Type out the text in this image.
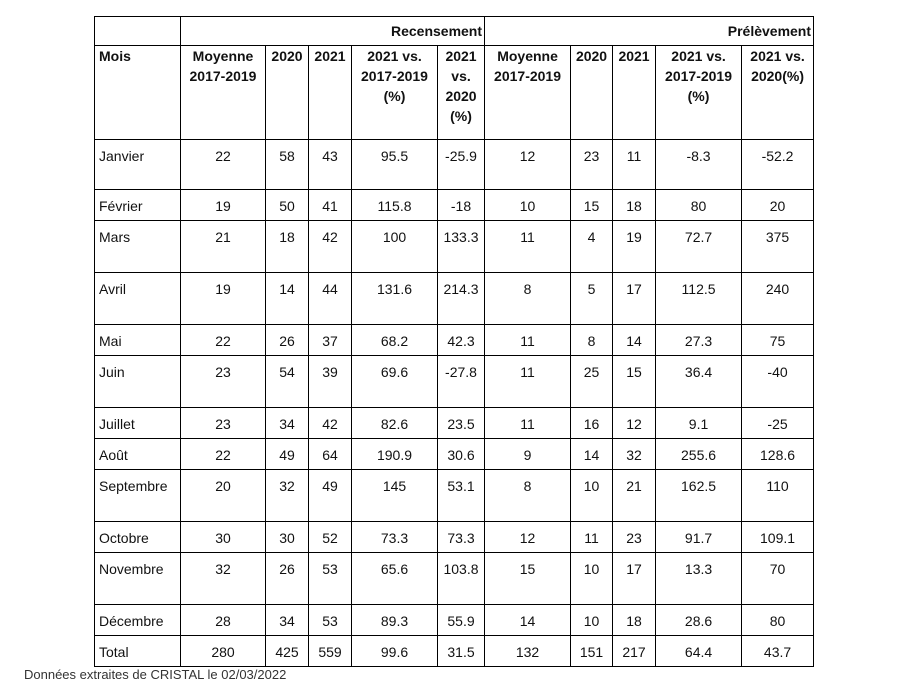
	Recensement					Prélèvement				
Mois	Moyenne 2017-2019	2020	2021	2021 vs. 2017-2019 (%)	2021 vs. 2020 (%)	Moyenne 2017-2019	2020	2021	2021 vs. 2017-2019 (%)	2021 vs. 2020(%)
Janvier	22	58	43	95.5	-25.9	12	23	11	-8.3	-52.2
Février	19	50	41	115.8	-18	10	15	18	80	20
Mars	21	18	42	100	133.3	11	4	19	72.7	375
Avril	19	14	44	131.6	214.3	8	5	17	112.5	240
Mai	22	26	37	68.2	42.3	11	8	14	27.3	75
Juin	23	54	39	69.6	-27.8	11	25	15	36.4	-40
Juillet	23	34	42	82.6	23.5	11	16	12	9.1	-25
Août	22	49	64	190.9	30.6	9	14	32	255.6	128.6
Septembre	20	32	49	145	53.1	8	10	21	162.5	110
Octobre	30	30	52	73.3	73.3	12	11	23	91.7	109.1
Novembre	32	26	53	65.6	103.8	15	10	17	13.3	70
Décembre	28	34	53	89.3	55.9	14	10	18	28.6	80
Total	280	425	559	99.6	31.5	132	151	217	64.4	43.7
Données extraites de CRISTAL le 02/03/2022
